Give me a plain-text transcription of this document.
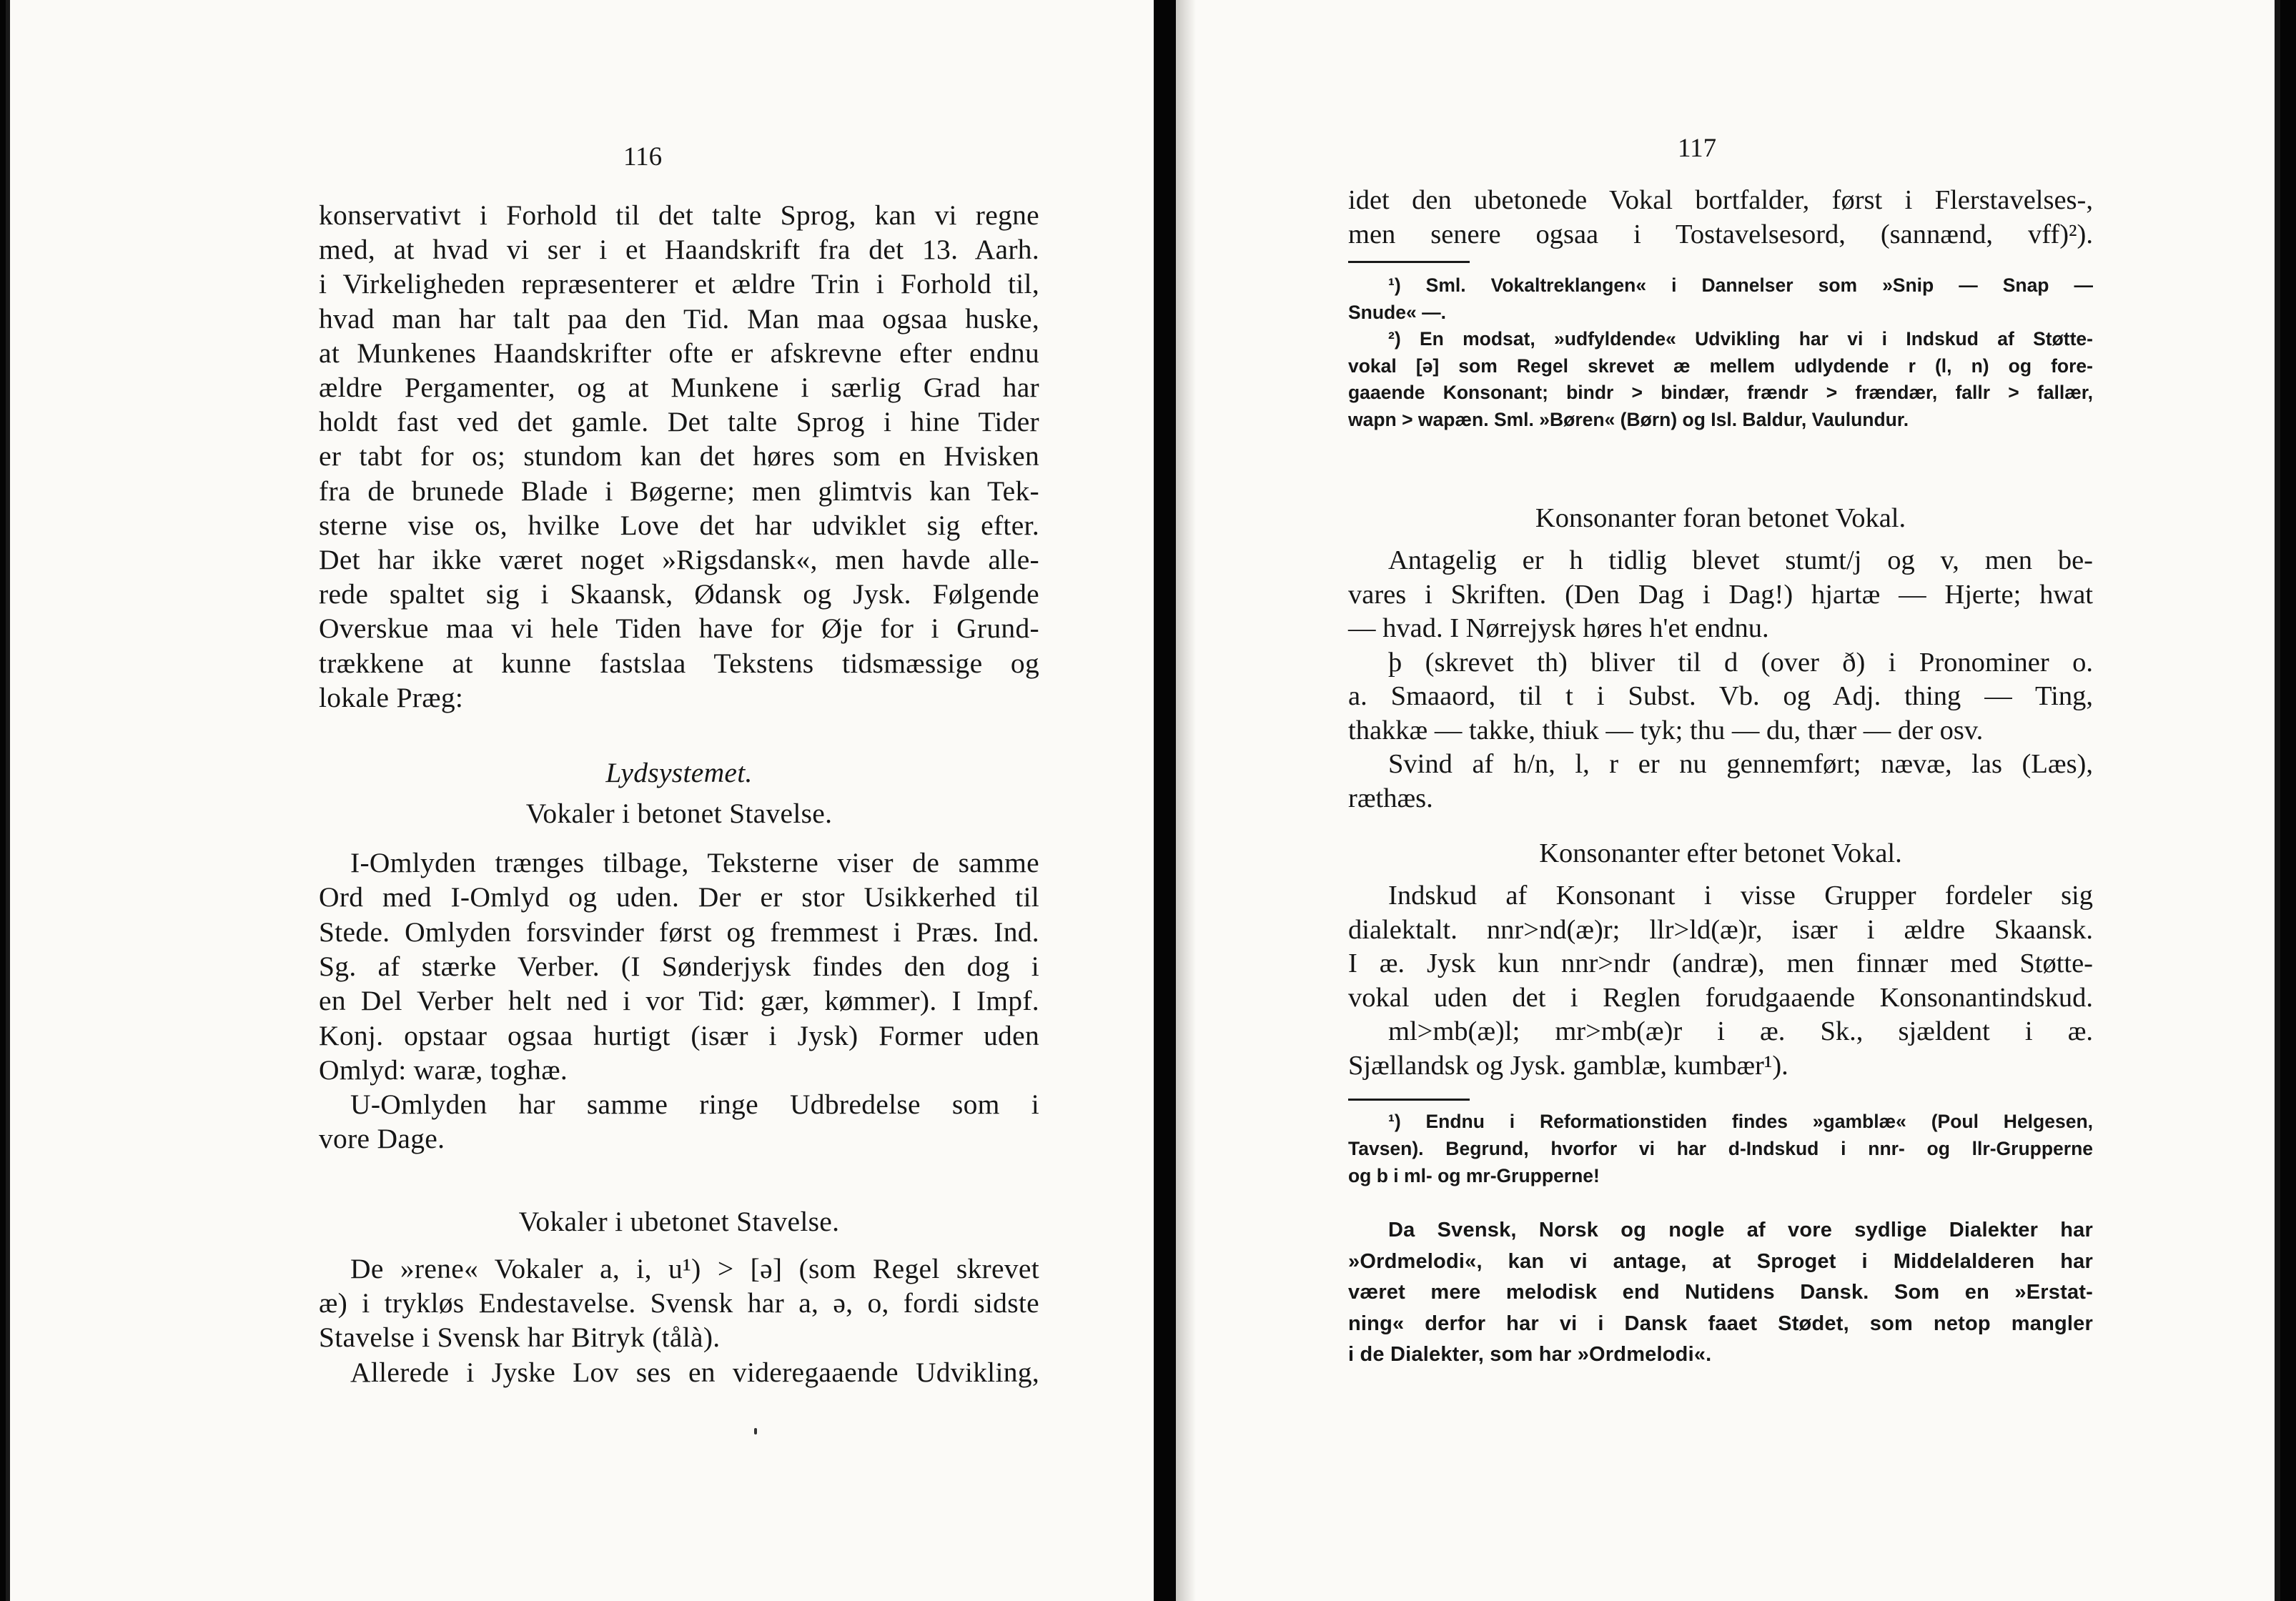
116
konservativt i Forhold til det talte Sprog, kan vi regne
med, at hvad vi ser i et Haandskrift fra det 13. Aarh.
i Virkeligheden repræsenterer et ældre Trin i Forhold til,
hvad man har talt paa den Tid. Man maa ogsaa huske,
at Munkenes Haandskrifter ofte er afskrevne efter endnu
ældre Pergamenter, og at Munkene i særlig Grad har
holdt fast ved det gamle. Det talte Sprog i hine Tider
er tabt for os; stundom kan det høres som en Hvisken
fra de brunede Blade i Bøgerne; men glimtvis kan Tek-
sterne vise os, hvilke Love det har udviklet sig efter.
Det har ikke været noget »Rigsdansk«, men havde alle-
rede spaltet sig i Skaansk, Ødansk og Jysk. Følgende
Overskue maa vi hele Tiden have for Øje for i Grund-
trækkene at kunne fastslaa Tekstens tidsmæssige og
lokale Præg:
Lydsystemet.
Vokaler i betonet Stavelse.
I-Omlyden trænges tilbage, Teksterne viser de samme
Ord med I-Omlyd og uden. Der er stor Usikkerhed til
Stede. Omlyden forsvinder først og fremmest i Præs. Ind.
Sg. af stærke Verber. (I Sønderjysk findes den dog i
en Del Verber helt ned i vor Tid: gær, kømmer). I Impf.
Konj. opstaar ogsaa hurtigt (især i Jysk) Former uden
Omlyd: waræ, toghæ.
U-Omlyden har samme ringe Udbredelse som i
vore Dage.
Vokaler i ubetonet Stavelse.
De »rene« Vokaler a, i, u¹) > [ə] (som Regel skrevet
æ) i trykløs Endestavelse. Svensk har a, ə, o, fordi sidste
Stavelse i Svensk har Bitryk (tålà).
Allerede i Jyske Lov ses en videregaaende Udvikling,
117
idet den ubetonede Vokal bortfalder, først i Flerstavelses-,
men senere ogsaa i Tostavelsesord, (sannænd, vff)²).
¹) Sml. Vokaltreklangen« i Dannelser som »Snip — Snap —
Snude« —.
²) En modsat, »udfyldende« Udvikling har vi i Indskud af Støtte-
vokal [ə] som Regel skrevet æ mellem udlydende r (l, n) og fore-
gaaende Konsonant; bindr > bindær, frændr > frændær, fallr > fallær,
wapn > wapæn. Sml. »Børen« (Børn) og Isl. Baldur, Vaulundur.
Konsonanter foran betonet Vokal.
Antagelig er h tidlig blevet stumt/j og v, men be-
vares i Skriften. (Den Dag i Dag!) hjartæ — Hjerte; hwat
— hvad. I Nørrejysk høres h'et endnu.
þ (skrevet th) bliver til d (over ð) i Pronominer o.
a. Smaaord, til t i Subst. Vb. og Adj. thing — Ting,
thakkæ — takke, thiuk — tyk; thu — du, thær — der osv.
Svind af h/n, l, r er nu gennemført; nævæ, las (Læs),
ræthæs.
Konsonanter efter betonet Vokal.
Indskud af Konsonant i visse Grupper fordeler sig
dialektalt. nnr>nd(æ)r; llr>ld(æ)r, især i ældre Skaansk.
I æ. Jysk kun nnr>ndr (andræ), men finnær med Støtte-
vokal uden det i Reglen forudgaaende Konsonantindskud.
ml>mb(æ)l; mr>mb(æ)r i æ. Sk., sjældent i æ.
Sjællandsk og Jysk. gamblæ, kumbær¹).
¹) Endnu i Reformationstiden findes »gamblæ« (Poul Helgesen,
Tavsen). Begrund, hvorfor vi har d-Indskud i nnr- og llr-Grupperne
og b i ml- og mr-Grupperne!
Da Svensk, Norsk og nogle af vore sydlige Dialekter har
»Ordmelodi«, kan vi antage, at Sproget i Middelalderen har
været mere melodisk end Nutidens Dansk. Som en »Erstat-
ning« derfor har vi i Dansk faaet Stødet, som netop mangler
i de Dialekter, som har »Ordmelodi«.
